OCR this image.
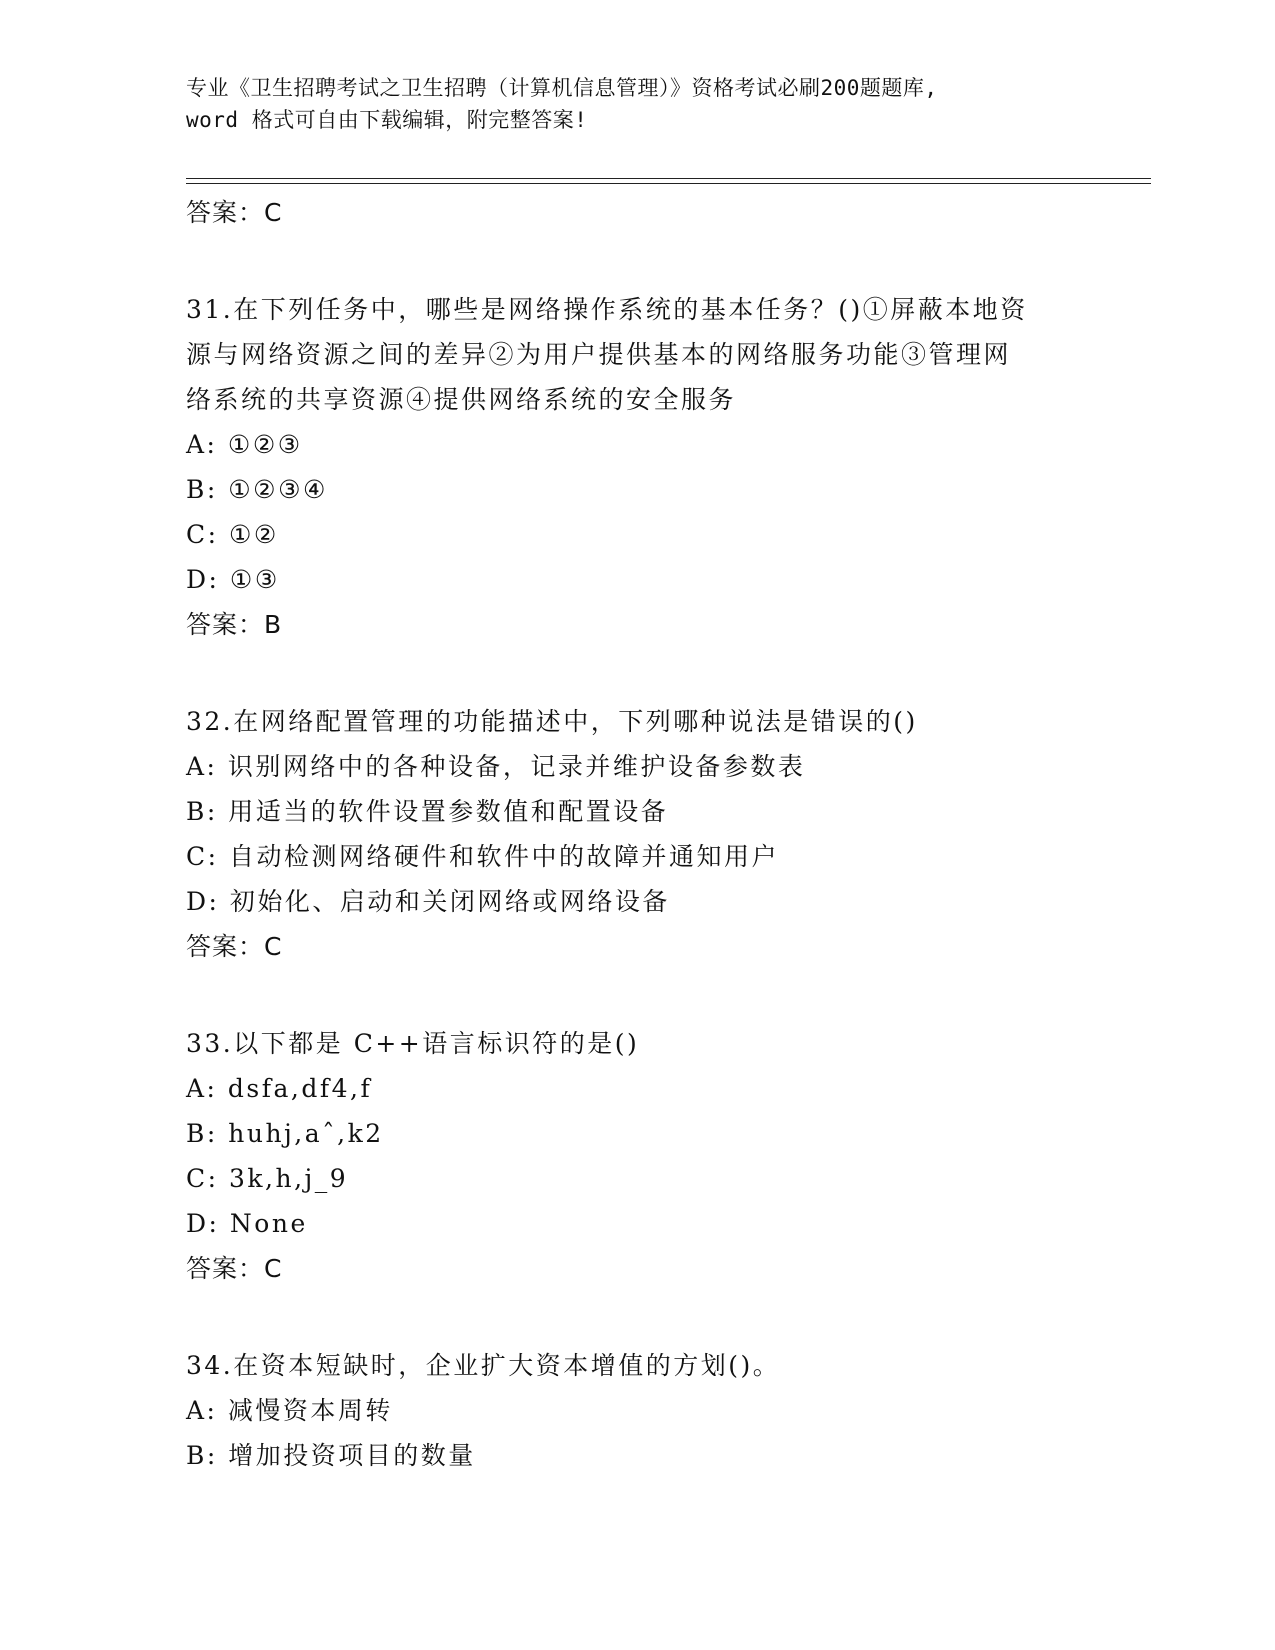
专业《卫生招聘考试之卫生招聘（计算机信息管理）》资格考试必刷200题题库,
word 格式可自由下载编辑，附完整答案!
答案：C
31.在下列任务中，哪些是网络操作系统的基本任务？()①屏蔽本地资
源与网络资源之间的差异②为用户提供基本的网络服务功能③管理网
络系统的共享资源④提供网络系统的安全服务
A: ①②③
B: ①②③④
C: ①②
D: ①③
答案：B
32.在网络配置管理的功能描述中，下列哪种说法是错误的()
A: 识别网络中的各种设备，记录并维护设备参数表
B: 用适当的软件设置参数值和配置设备
C: 自动检测网络硬件和软件中的故障并通知用户
D: 初始化、启动和关闭网络或网络设备
答案：C
33.以下都是 C++语言标识符的是()
A: dsfa,df4,f
B: huhj,aˆ,k2
C: 3k,h,j_9
D: None
答案：C
34.在资本短缺时，企业扩大资本增值的方划()。
A: 减慢资本周转
B: 增加投资项目的数量
